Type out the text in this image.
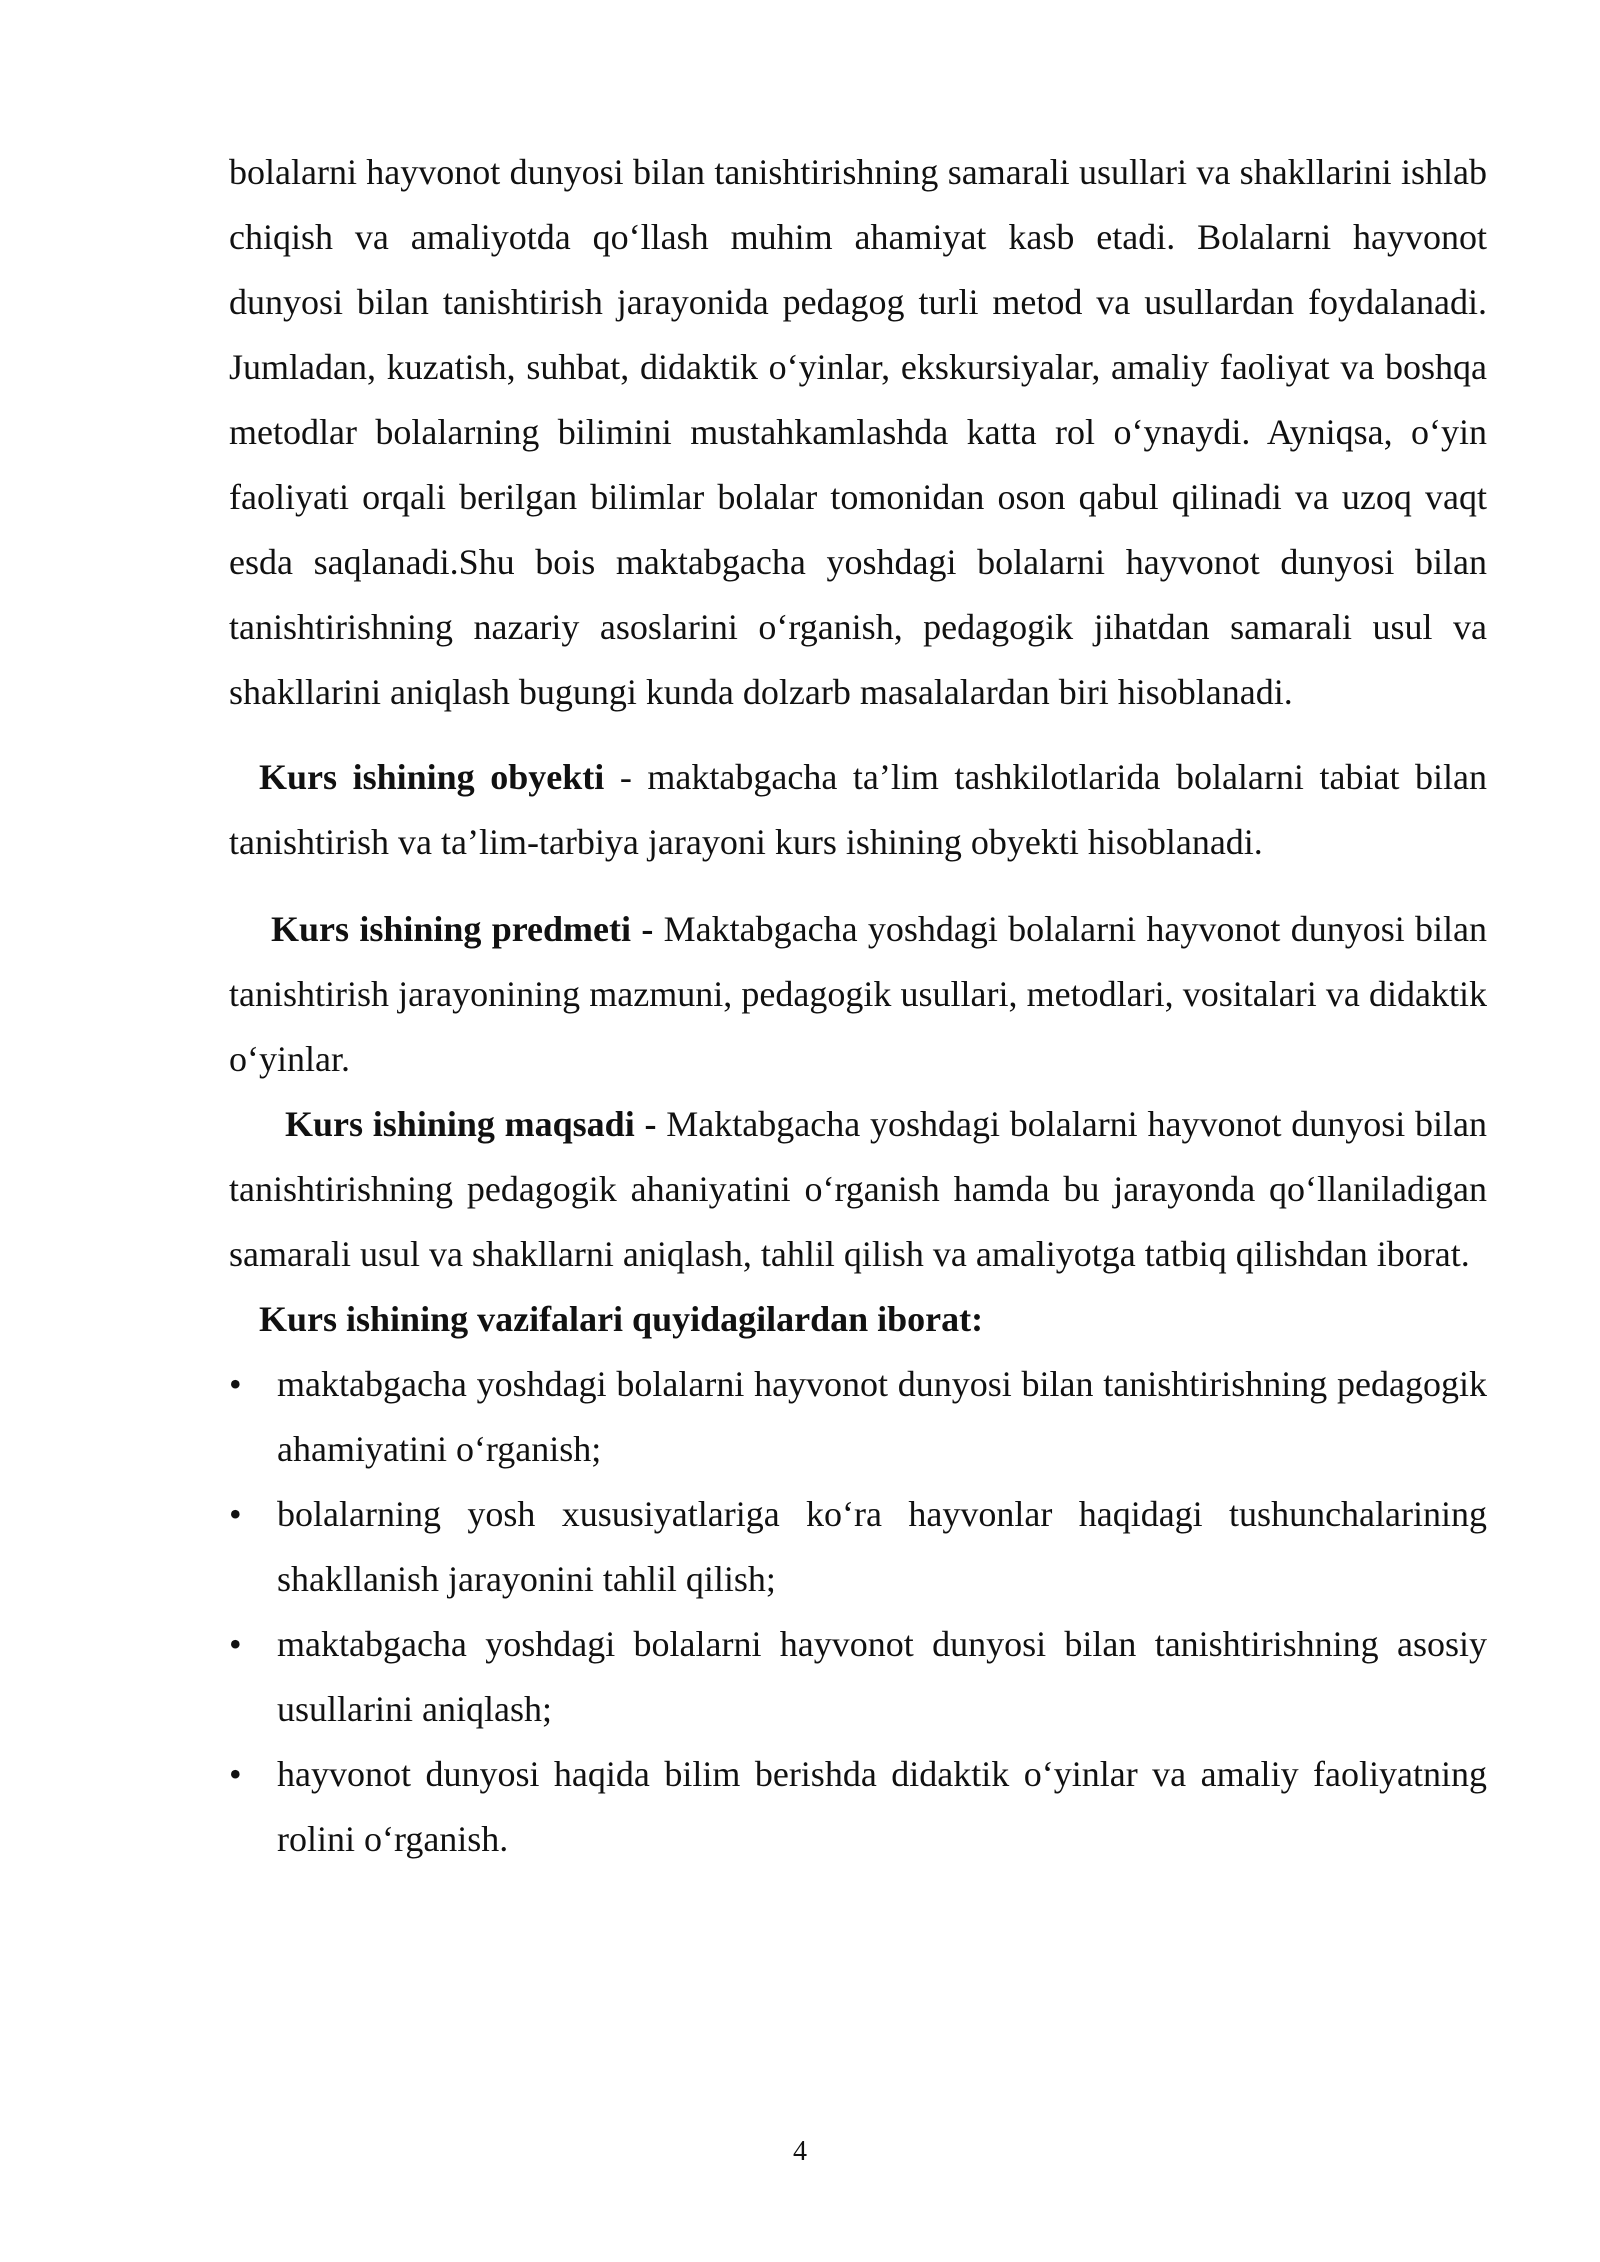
bolalarni hayvonot dunyosi bilan tanishtirishning samarali usullari va shakllarini ishlab chiqish va amaliyotda qo‘llash muhim ahamiyat kasb etadi. Bolalarni hayvonot dunyosi bilan tanishtirish jarayonida pedagog turli metod va usullardan foydalanadi. Jumladan, kuzatish, suhbat, didaktik o‘yinlar, ekskursiyalar, amaliy faoliyat va boshqa metodlar bolalarning bilimini mustahkamlashda katta rol o‘ynaydi. Ayniqsa, o‘yin faoliyati orqali berilgan bilimlar bolalar tomonidan oson qabul qilinadi va uzoq vaqt esda saqlanadi.Shu bois maktabgacha yoshdagi bolalarni hayvonot dunyosi bilan tanishtirishning nazariy asoslarini o‘rganish, pedagogik jihatdan samarali usul va shakllarini aniqlash bugungi kunda dolzarb masalalardan biri hisoblanadi.

Kurs ishining obyekti - maktabgacha ta’lim tashkilotlarida bolalarni tabiat bilan tanishtirish va ta’lim-tarbiya jarayoni kurs ishining obyekti hisoblanadi.

Kurs ishining predmeti - Maktabgacha yoshdagi bolalarni hayvonot dunyosi bilan tanishtirish jarayonining mazmuni, pedagogik usullari, metodlari, vositalari va didaktik o‘yinlar.

Kurs ishining maqsadi - Maktabgacha yoshdagi bolalarni hayvonot dunyosi bilan tanishtirishning pedagogik ahaniyatini o‘rganish hamda bu jarayonda qo‘llaniladigan samarali usul va shakllarni aniqlash, tahlil qilish va amaliyotga tatbiq qilishdan iborat.

Kurs ishining vazifalari quyidagilardan iborat:

• maktabgacha yoshdagi bolalarni hayvonot dunyosi bilan tanishtirishning pedagogik ahamiyatini o‘rganish;
• bolalarning yosh xususiyatlariga ko‘ra hayvonlar haqidagi tushunchalarining shakllanish jarayonini tahlil qilish;
• maktabgacha yoshdagi bolalarni hayvonot dunyosi bilan tanishtirishning asosiy usullarini aniqlash;
• hayvonot dunyosi haqida bilim berishda didaktik o‘yinlar va amaliy faoliyatning rolini o‘rganish.
4
